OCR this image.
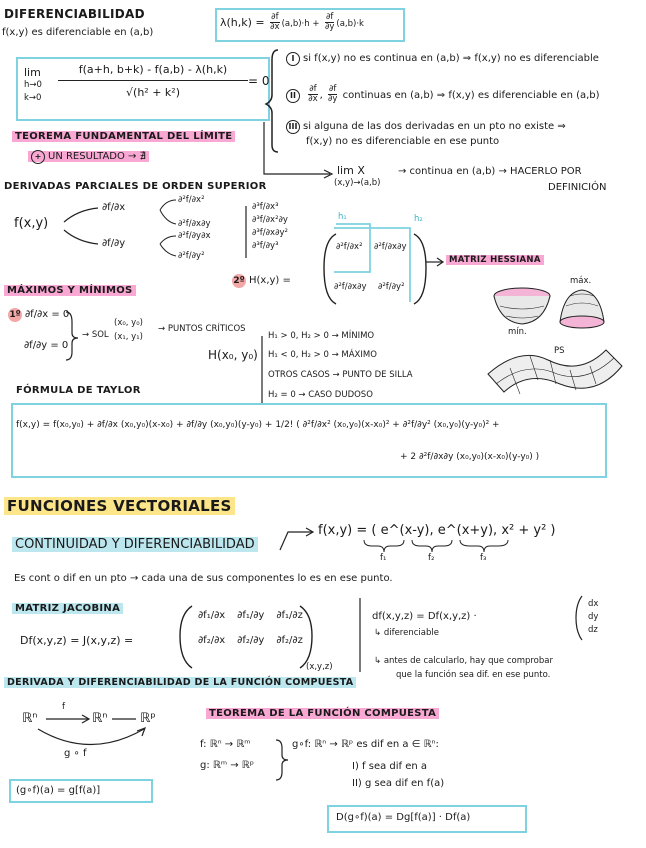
DIFERENCIABILIDAD
f(x,y) es diferenciable en (a,b)
$\lambda(h,k) = \frac{\partial f}{\partial x} (a,b)\cdot h + \frac{\partial f}{\partial y} (a,b)\cdot k$
lim
h→0
$k\to 0 \frac{f(a+h, b+k) - f(a,b) - \lambda(h,k)}{\text{√(h² + k²)}} = 0$
I si f(x,y) no es continua en (a,b) ⇒ f(x,y) no es diferenciable
II $\frac{\partial f}{\partial x}$ , $\frac{\partial f}{\partial y}$ continuas en (a,b) ⇒ f(x,y) es diferenciable en (a,b)
III si alguna de las dos derivadas en un pto no existe ⇒
f(x,y) no es diferenciable en ese punto
lim X
(x,y)→(a,b)
→ continua en (a,b) → HACERLO POR
DEFINICIÓN
TEOREMA FUNDAMENTAL DEL LÍMITE
+ UN RESULTADO → ∄
DERIVADAS PARCIALES DE ORDEN SUPERIOR
f(x,y)
∂f/∂x
∂f/∂y
∂²f/∂x²
∂²f/∂x∂y
∂²f/∂y∂x
∂²f/∂y²
∂³f/∂x³
∂³f/∂x²∂y
∂³f/∂x∂y²
∂³f/∂y³
2º H(x,y) =
h₁	h₂
∂²f/∂x² ∂²f/∂x∂y
∂²f/∂x∂y ∂²f/∂y²
MATRIZ HESSIANA
MÁXIMOS Y MÍNIMOS
1º ∂f/∂x = 0
∂f/∂y = 0
→ SOL
(x₀, y₀)
(x₁, y₁)
→ PUNTOS CRÍTICOS
H(x₀, y₀)
H₁ > 0, H₂ > 0 → MÍNIMO
H₁ < 0, H₂ > 0 → MÁXIMO
OTROS CASOS → PUNTO DE SILLA
H₂ = 0 → CASO DUDOSO
máx.
mín.
PS
FÓRMULA DE TAYLOR
f(x,y) = f(x₀,y₀) + ∂f/∂x (x₀,y₀)(x-x₀) + ∂f/∂y (x₀,y₀)(y-y₀) + 1/2! ( ∂²f/∂x² (x₀,y₀)(x-x₀)² + ∂²f/∂y² (x₀,y₀)(y-y₀)² +
+ 2 ∂²f/∂x∂y (x₀,y₀)(x-x₀)(y-y₀) )
FUNCIONES VECTORIALES
CONTINUIDAD Y DIFERENCIABILIDAD
f(x,y) = ( e^(x-y), e^(x+y), x² + y² )
f₁	f₂	f₃
Es cont o dif en un pto → cada una de sus componentes lo es en ese punto.
MATRIZ JACOBINA
Df(x,y,z) = J(x,y,z) =
∂f₁/∂x	∂f₁/∂y	∂f₁/∂z
∂f₂/∂x	∂f₂/∂y	∂f₂/∂z
(x,y,z)
df(x,y,z) = Df(x,y,z) ·
dx
dy
dz
↳ diferenciable
↳ antes de calcularlo, hay que comprobar
que la función sea dif. en ese punto.
DERIVADA Y DIFERENCIABILIDAD DE LA FUNCIÓN COMPUESTA
ℝⁿ	ℝⁿ	ℝᵖ
f
g ∘ f
(g∘f)(a) = g[f(a)]
TEOREMA DE LA FUNCIÓN COMPUESTA
f: ℝⁿ → ℝᵐ
g: ℝᵐ → ℝᵖ
g∘f: ℝⁿ → ℝᵖ es dif en a ∈ ℝⁿ:
I) f sea dif en a
II) g sea dif en f(a)
D(g∘f)(a) = Dg[f(a)] · Df(a)
